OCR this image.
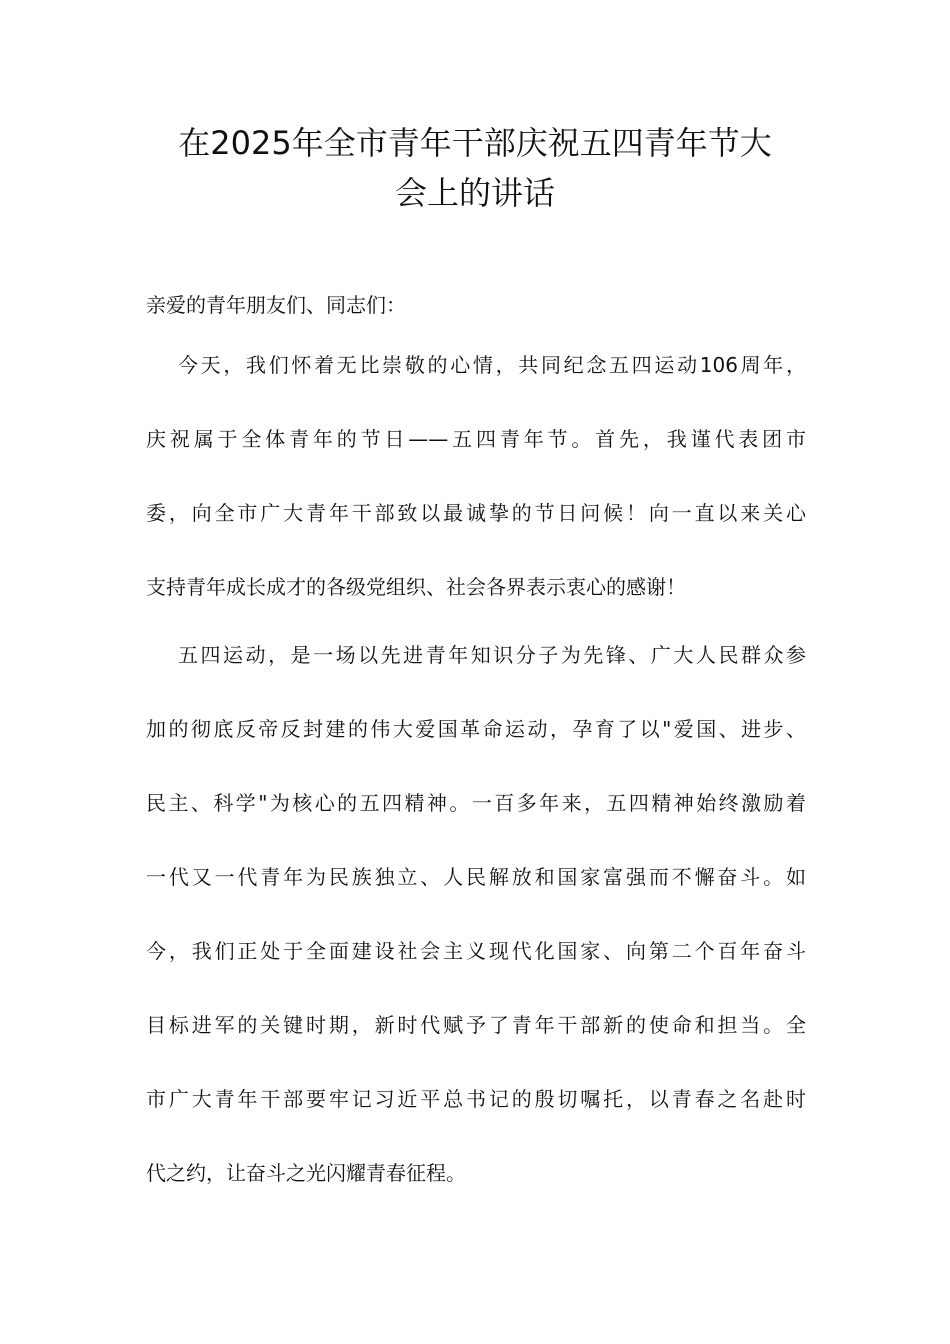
在2025年全市青年干部庆祝五四青年节大
会上的讲话
亲爱的青年朋友们、同志们：
今天，我们怀着无比崇敬的心情，共同纪念五四运动106周年，
庆祝属于全体青年的节日——五四青年节。首先，我谨代表团市
委，向全市广大青年干部致以最诚挚的节日问候！向一直以来关心
支持青年成长成才的各级党组织、社会各界表示衷心的感谢！
五四运动，是一场以先进青年知识分子为先锋、广大人民群众参
加的彻底反帝反封建的伟大爱国革命运动，孕育了以"爱国、进步、
民主、科学"为核心的五四精神。一百多年来，五四精神始终激励着
一代又一代青年为民族独立、人民解放和国家富强而不懈奋斗。如
今，我们正处于全面建设社会主义现代化国家、向第二个百年奋斗
目标进军的关键时期，新时代赋予了青年干部新的使命和担当。全
市广大青年干部要牢记习近平总书记的殷切嘱托，以青春之名赴时
代之约，让奋斗之光闪耀青春征程。
